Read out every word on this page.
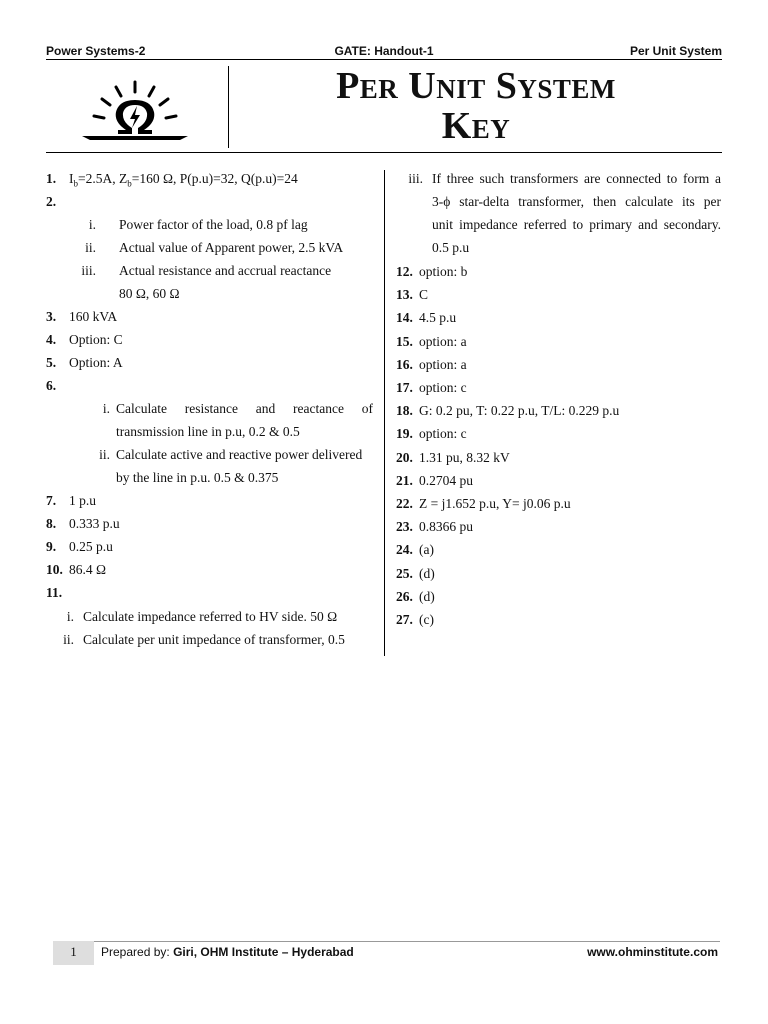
Power Systems-2	GATE: Handout-1	Per Unit System
Per Unit System
Key
1. $I_b=2.5A$, $Z_b=160$ Ω, P(p.u)=32, Q(p.u)=24
2.
i. Power factor of the load, 0.8 pf lag
ii. Actual value of Apparent power, 2.5 kVA
iii. Actual resistance and accrual reactance
80 Ω, 60 Ω
3. 160 kVA
4. Option: C
5. Option: A
6.
i. Calculate resistance and reactance of
transmission line in p.u, 0.2 & 0.5
ii. Calculate active and reactive power delivered
by the line in p.u. 0.5 & 0.375
7. 1 p.u
8. 0.333 p.u
9. 0.25 p.u
10. 86.4 Ω
11.
i. Calculate impedance referred to HV side. 50 Ω
ii. Calculate per unit impedance of transformer, 0.5
iii. If three such transformers are connected to form a
3-ϕ star-delta transformer, then calculate its per
unit impedance referred to primary and secondary.
0.5 p.u
12. option: b
13. C
14. 4.5 p.u
15. option: a
16. option: a
17. option: c
18. G: 0.2 pu, T: 0.22 p.u, T/L: 0.229 p.u
19. option: c
20. 1.31 pu, 8.32 kV
21. 0.2704 pu
22. Z = j1.652 p.u, Y= j0.06 p.u
23. 0.8366 pu
24. (a)
25. (d)
26. (d)
27. (c)
1	Prepared by: Giri, OHM Institute – Hyderabad	www.ohminstitute.com
